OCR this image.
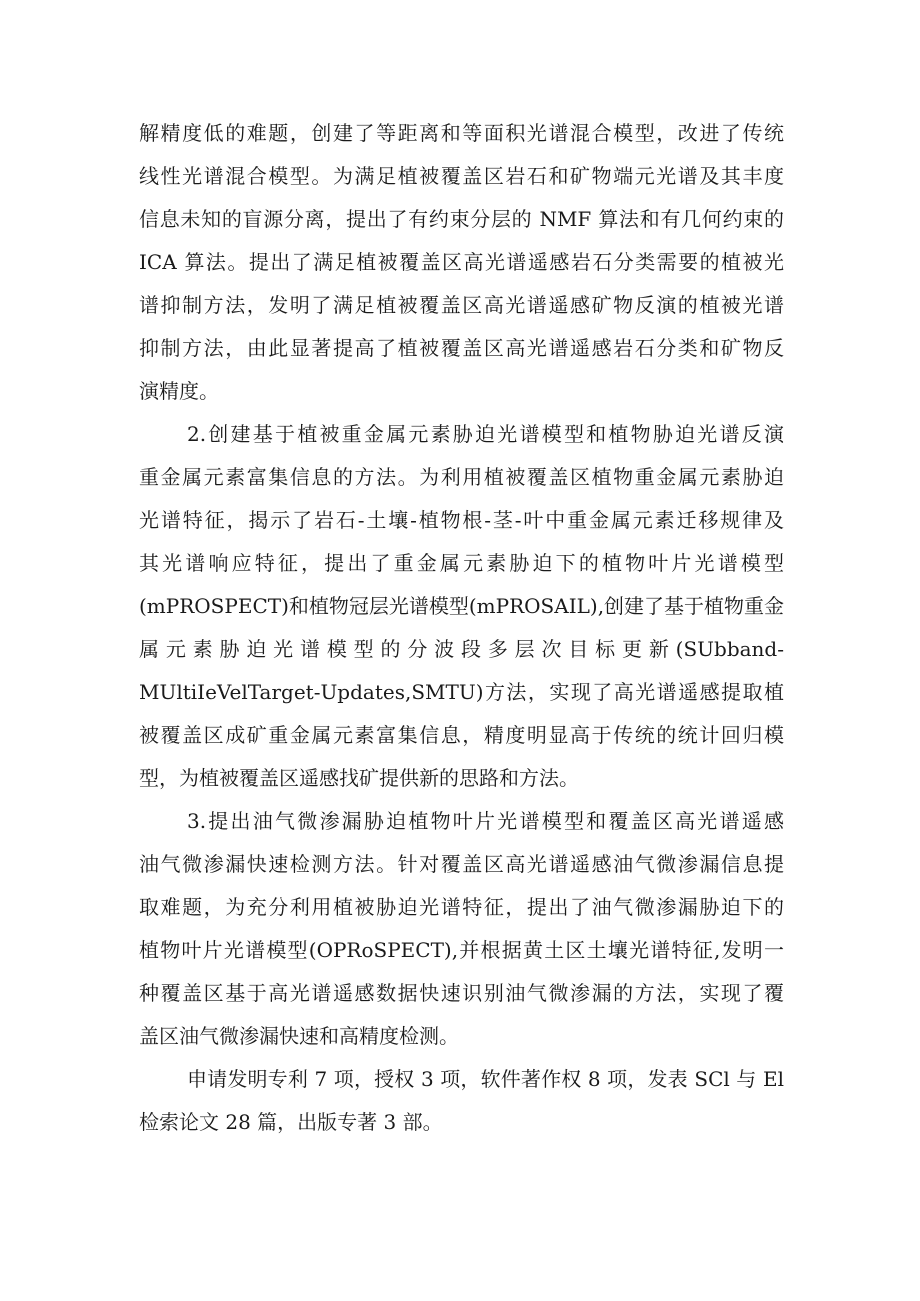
解精度低的难题，创建了等距离和等面积光谱混合模型，改进了传统
线性光谱混合模型。为满足植被覆盖区岩石和矿物端元光谱及其丰度
信息未知的盲源分离，提出了有约束分层的 NMF 算法和有几何约束的
ICA 算法。提出了满足植被覆盖区高光谱遥感岩石分类需要的植被光
谱抑制方法，发明了满足植被覆盖区高光谱遥感矿物反演的植被光谱
抑制方法，由此显著提高了植被覆盖区高光谱遥感岩石分类和矿物反
演精度。
2.创建基于植被重金属元素胁迫光谱模型和植物胁迫光谱反演
重金属元素富集信息的方法。为利用植被覆盖区植物重金属元素胁迫
光谱特征，揭示了岩石-土壤-植物根-茎-叶中重金属元素迁移规律及
其光谱响应特征，提出了重金属元素胁迫下的植物叶片光谱模型
(mPROSPECT)和植物冠层光谱模型(mPROSAIL),创建了基于植物重金
属元素胁迫光谱模型的分波段多层次目标更新(SUbband-
MUltiIeVelTarget-Updates,SMTU)方法，实现了高光谱遥感提取植
被覆盖区成矿重金属元素富集信息，精度明显高于传统的统计回归模
型，为植被覆盖区遥感找矿提供新的思路和方法。
3.提出油气微渗漏胁迫植物叶片光谱模型和覆盖区高光谱遥感
油气微渗漏快速检测方法。针对覆盖区高光谱遥感油气微渗漏信息提
取难题，为充分利用植被胁迫光谱特征，提出了油气微渗漏胁迫下的
植物叶片光谱模型(OPRoSPECT),并根据黄土区土壤光谱特征,发明一
种覆盖区基于高光谱遥感数据快速识别油气微渗漏的方法，实现了覆
盖区油气微渗漏快速和高精度检测。
申请发明专利 7 项，授权 3 项，软件著作权 8 项，发表 SCl 与 El
检索论文 28 篇，出版专著 3 部。
